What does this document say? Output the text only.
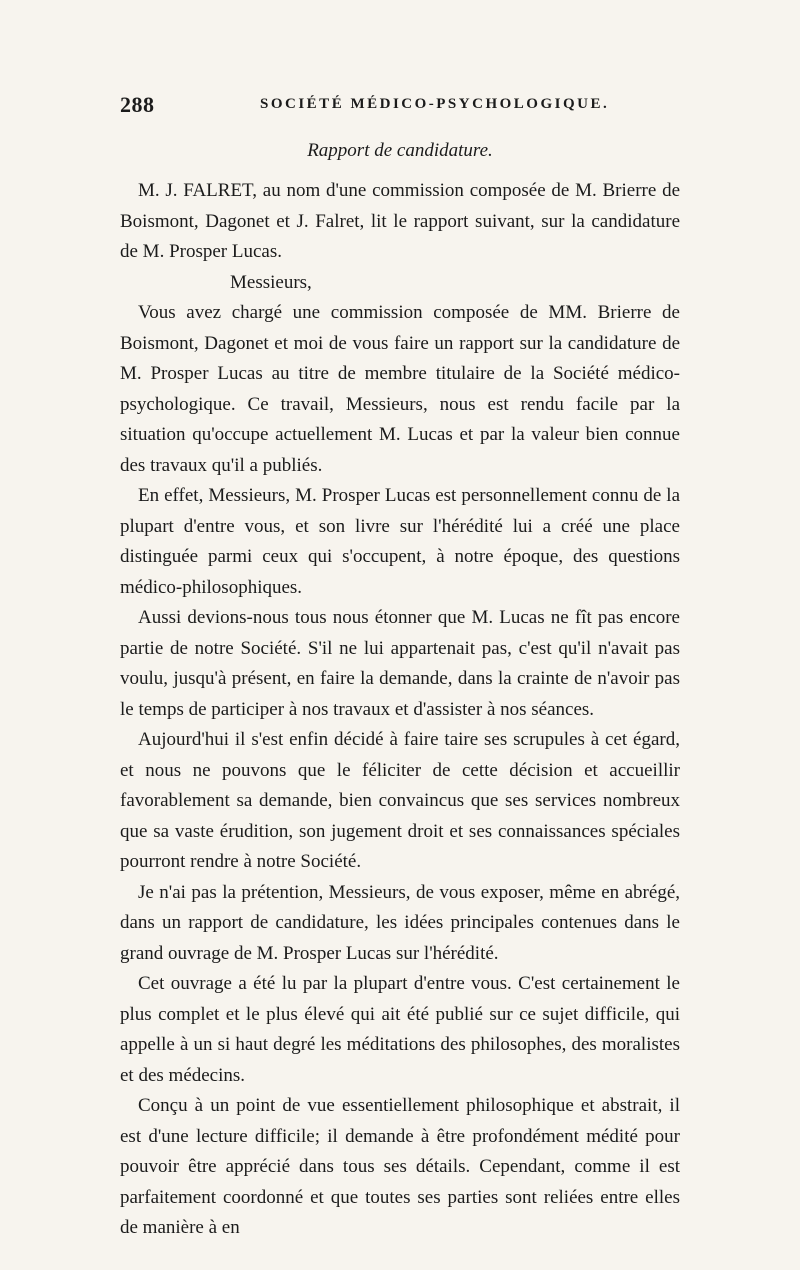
288	SOCIÉTÉ MÉDICO-PSYCHOLOGIQUE.
Rapport de candidature.

M. J. FALRET, au nom d'une commission composée de M. Brierre de Boismont, Dagonet et J. Falret, lit le rapport suivant, sur la candidature de M. Prosper Lucas.

Messieurs,

Vous avez chargé une commission composée de MM. Brierre de Boismont, Dagonet et moi de vous faire un rapport sur la candidature de M. Prosper Lucas au titre de membre titulaire de la Société médico-psychologique. Ce travail, Messieurs, nous est rendu facile par la situation qu'occupe actuellement M. Lucas et par la valeur bien connue des travaux qu'il a publiés.

En effet, Messieurs, M. Prosper Lucas est personnellement connu de la plupart d'entre vous, et son livre sur l'hérédité lui a créé une place distinguée parmi ceux qui s'occupent, à notre époque, des questions médico-philosophiques.

Aussi devions-nous tous nous étonner que M. Lucas ne fît pas encore partie de notre Société. S'il ne lui appartenait pas, c'est qu'il n'avait pas voulu, jusqu'à présent, en faire la demande, dans la crainte de n'avoir pas le temps de participer à nos travaux et d'assister à nos séances.

Aujourd'hui il s'est enfin décidé à faire taire ses scrupules à cet égard, et nous ne pouvons que le féliciter de cette décision et accueillir favorablement sa demande, bien convaincus que ses services nombreux que sa vaste érudition, son jugement droit et ses connaissances spéciales pourront rendre à notre Société.

Je n'ai pas la prétention, Messieurs, de vous exposer, même en abrégé, dans un rapport de candidature, les idées principales contenues dans le grand ouvrage de M. Prosper Lucas sur l'hérédité.

Cet ouvrage a été lu par la plupart d'entre vous. C'est certainement le plus complet et le plus élevé qui ait été publié sur ce sujet difficile, qui appelle à un si haut degré les méditations des philosophes, des moralistes et des médecins.

Conçu à un point de vue essentiellement philosophique et abstrait, il est d'une lecture difficile; il demande à être profondément médité pour pouvoir être apprécié dans tous ses détails. Cependant, comme il est parfaitement coordonné et que toutes ses parties sont reliées entre elles de manière à en
